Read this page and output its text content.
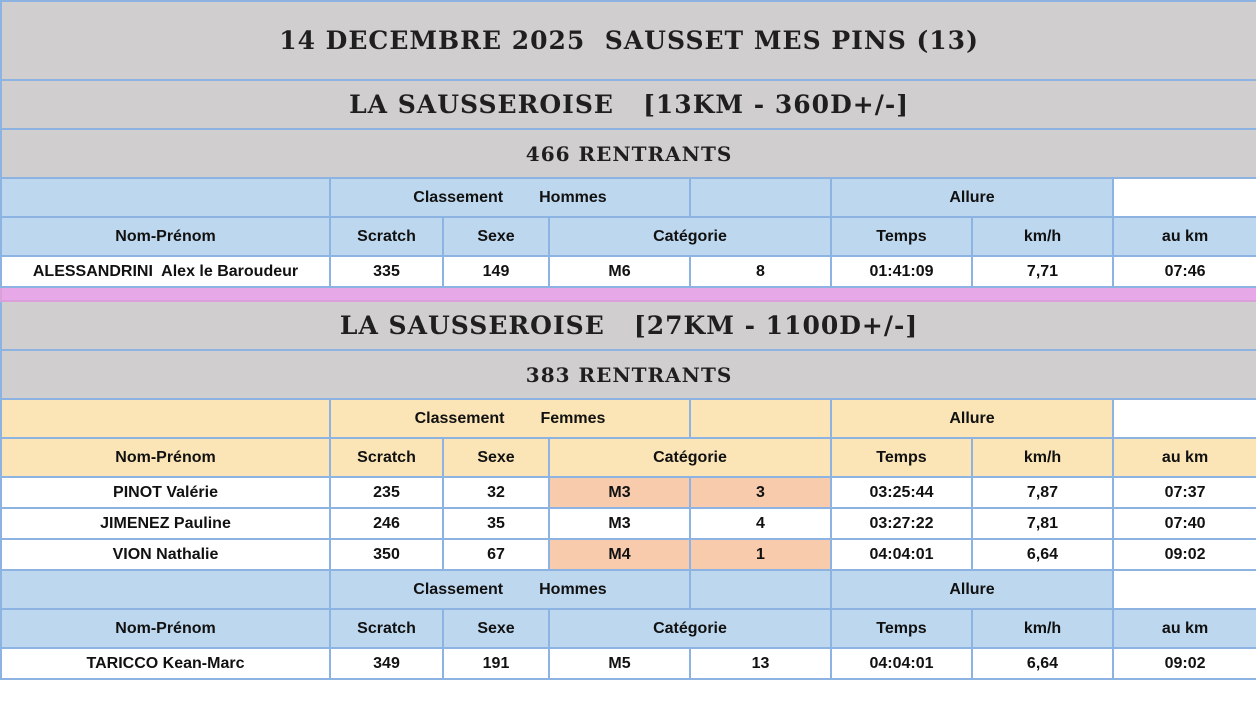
14 DECEMBRE 2025  SAUSSET MES PINS (13)							
LA SAUSSEROISE   [13KM - 360D+/-]							
466 RENTRANTS							
	Classement Hommes				Allure		
Nom-Prénom	Scratch	Sexe	Catégorie		Temps	km/h	au km
ALESSANDRINI  Alex le Baroudeur	335	149	M6	8	01:41:09	7,71	07:46

LA SAUSSEROISE   [27KM - 1100D+/-]							
383 RENTRANTS							
	Classement Femmes				Allure		
Nom-Prénom	Scratch	Sexe	Catégorie		Temps	km/h	au km
PINOT Valérie	235	32	M3	3	03:25:44	7,87	07:37
JIMENEZ Pauline	246	35	M3	4	03:27:22	7,81	07:40
VION Nathalie	350	67	M4	1	04:04:01	6,64	09:02
	Classement Hommes				Allure		
Nom-Prénom	Scratch	Sexe	Catégorie		Temps	km/h	au km
TARICCO Kean-Marc	349	191	M5	13	04:04:01	6,64	09:02
